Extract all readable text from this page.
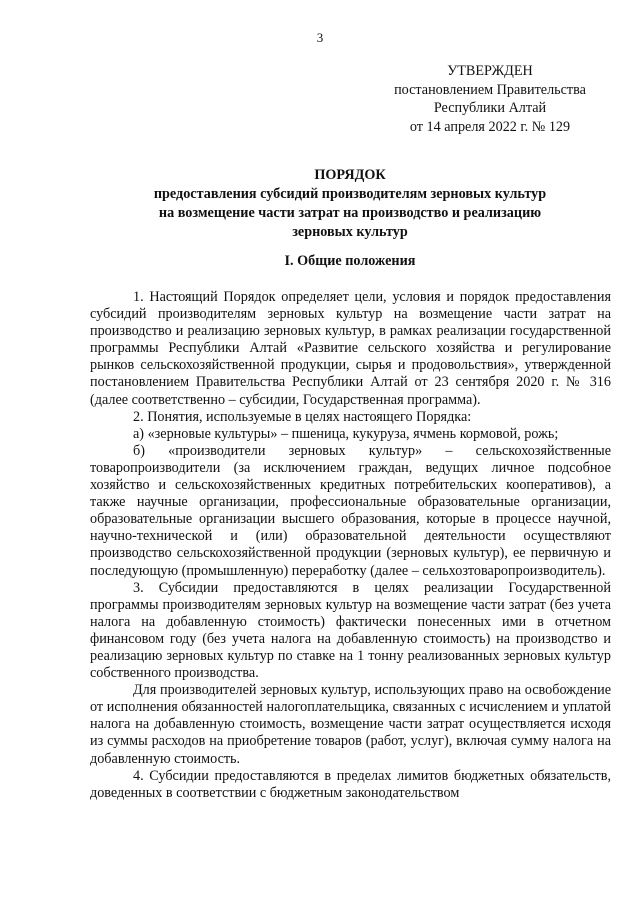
3
УТВЕРЖДЕН
постановлением Правительства
Республики Алтай
от 14 апреля 2022 г. № 129
ПОРЯДОК
предоставления субсидий производителям зерновых культур
на возмещение части затрат на производство и реализацию
зерновых культур
I. Общие положения

1. Настоящий Порядок определяет цели, условия и порядок предоставления субсидий производителям зерновых культур на возмещение части затрат на производство и реализацию зерновых культур, в рамках реализации государственной программы Республики Алтай «Развитие сельского хозяйства и регулирование рынков сельскохозяйственной продукции, сырья и продовольствия», утвержденной постановлением Правительства Республики Алтай от 23 сентября 2020 г. № 316 (далее соответственно – субсидии, Государственная программа).

2. Понятия, используемые в целях настоящего Порядка:

а) «зерновые культуры» – пшеница, кукуруза, ячмень кормовой, рожь;

б) «производители зерновых культур» – сельскохозяйственные товаропроизводители (за исключением граждан, ведущих личное подсобное хозяйство и сельскохозяйственных кредитных потребительских кооперативов), а также научные организации, профессиональные образовательные организации, образовательные организации высшего образования, которые в процессе научной, научно-технической и (или) образовательной деятельности осуществляют производство сельскохозяйственной продукции (зерновых культур), ее первичную и последующую (промышленную) переработку (далее – сельхозтоваропроизводитель).

3. Субсидии предоставляются в целях реализации Государственной программы производителям зерновых культур на возмещение части затрат (без учета налога на добавленную стоимость) фактически понесенных ими в отчетном финансовом году (без учета налога на добавленную стоимость) на производство и реализацию зерновых культур по ставке на 1 тонну реализованных зерновых культур собственного производства.

Для производителей зерновых культур, использующих право на освобождение от исполнения обязанностей налогоплательщика, связанных с исчислением и уплатой налога на добавленную стоимость, возмещение части затрат осуществляется исходя из суммы расходов на приобретение товаров (работ, услуг), включая сумму налога на добавленную стоимость.

4. Субсидии предоставляются в пределах лимитов бюджетных обязательств, доведенных в соответствии с бюджетным законодательством
